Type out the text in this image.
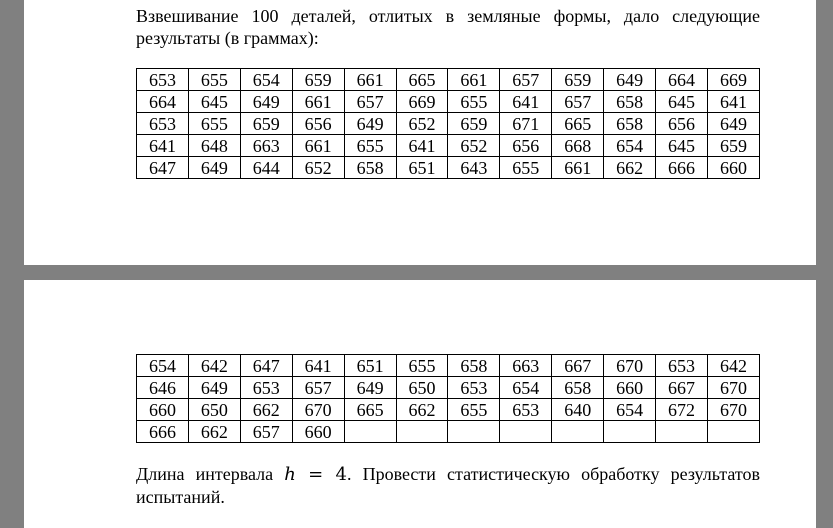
Взвешивание 100 деталей, отлитых в земляные формы, дало следующие
результаты (в граммах):

653	655	654	659	661	665	661	657	659	649	664	669
664	645	649	661	657	669	655	641	657	658	645	641
653	655	659	656	649	652	659	671	665	658	656	649
641	648	663	661	655	641	652	656	668	654	645	659
647	649	644	652	658	651	643	655	661	662	666	660
654	642	647	641	651	655	658	663	667	670	653	642
646	649	653	657	649	650	653	654	658	660	667	670
660	650	662	670	665	662	655	653	640	654	672	670
666	662	657	660								

Длина интервала h = 4. Провести статистическую обработку результатов
испытаний.
